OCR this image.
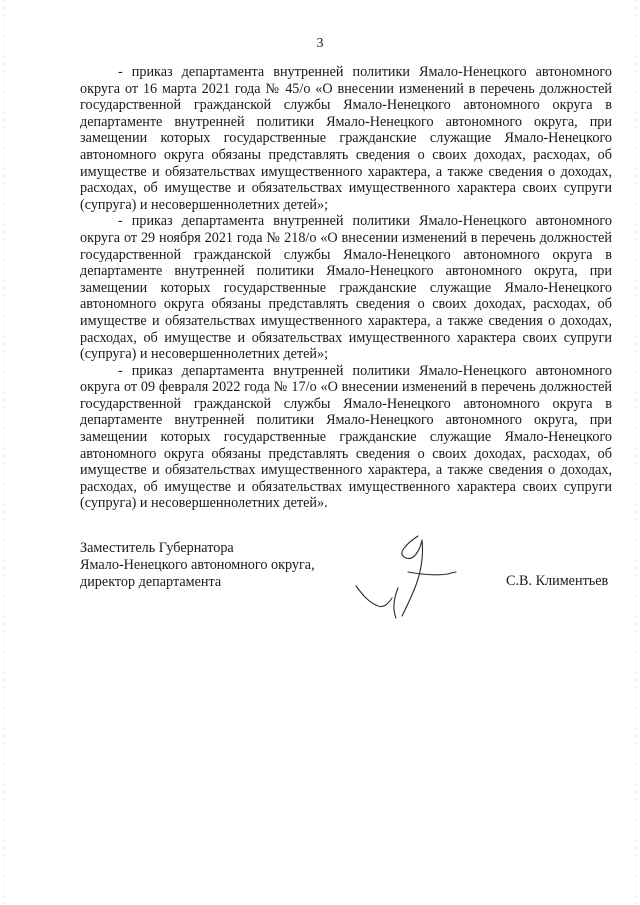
3

- приказ департамента внутренней политики Ямало-Ненецкого автономного округа от 16 марта 2021 года № 45/о «О внесении изменений в перечень должностей государственной гражданской службы Ямало-Ненецкого автономного округа в департаменте внутренней политики Ямало-Ненецкого автономного округа, при замещении которых государственные гражданские служащие Ямало-Ненецкого автономного округа обязаны представлять сведения о своих доходах, расходах, об имуществе и обязательствах имущественного характера, а также сведения о доходах, расходах, об имуществе и обязательствах имущественного характера своих супруги (супруга) и несовершеннолетних детей»;

- приказ департамента внутренней политики Ямало-Ненецкого автономного округа от 29 ноября 2021 года № 218/о «О внесении изменений в перечень должностей государственной гражданской службы Ямало-Ненецкого автономного округа в департаменте внутренней политики Ямало-Ненецкого автономного округа, при замещении которых государственные гражданские служащие Ямало-Ненецкого автономного округа обязаны представлять сведения о своих доходах, расходах, об имуществе и обязательствах имущественного характера, а также сведения о доходах, расходах, об имуществе и обязательствах имущественного характера своих супруги (супруга) и несовершеннолетних детей»;

- приказ департамента внутренней политики Ямало-Ненецкого автономного округа от 09 февраля 2022 года № 17/о «О внесении изменений в перечень должностей государственной гражданской службы Ямало-Ненецкого автономного округа в департаменте внутренней политики Ямало-Ненецкого автономного округа, при замещении которых государственные гражданские служащие Ямало-Ненецкого автономного округа обязаны представлять сведения о своих доходах, расходах, об имуществе и обязательствах имущественного характера, а также сведения о доходах, расходах, об имуществе и обязательствах имущественного характера своих супруги (супруга) и несовершеннолетних детей».

Заместитель Губернатора
Ямало-Ненецкого автономного округа,
директор департамента	С.В. Климентьев
